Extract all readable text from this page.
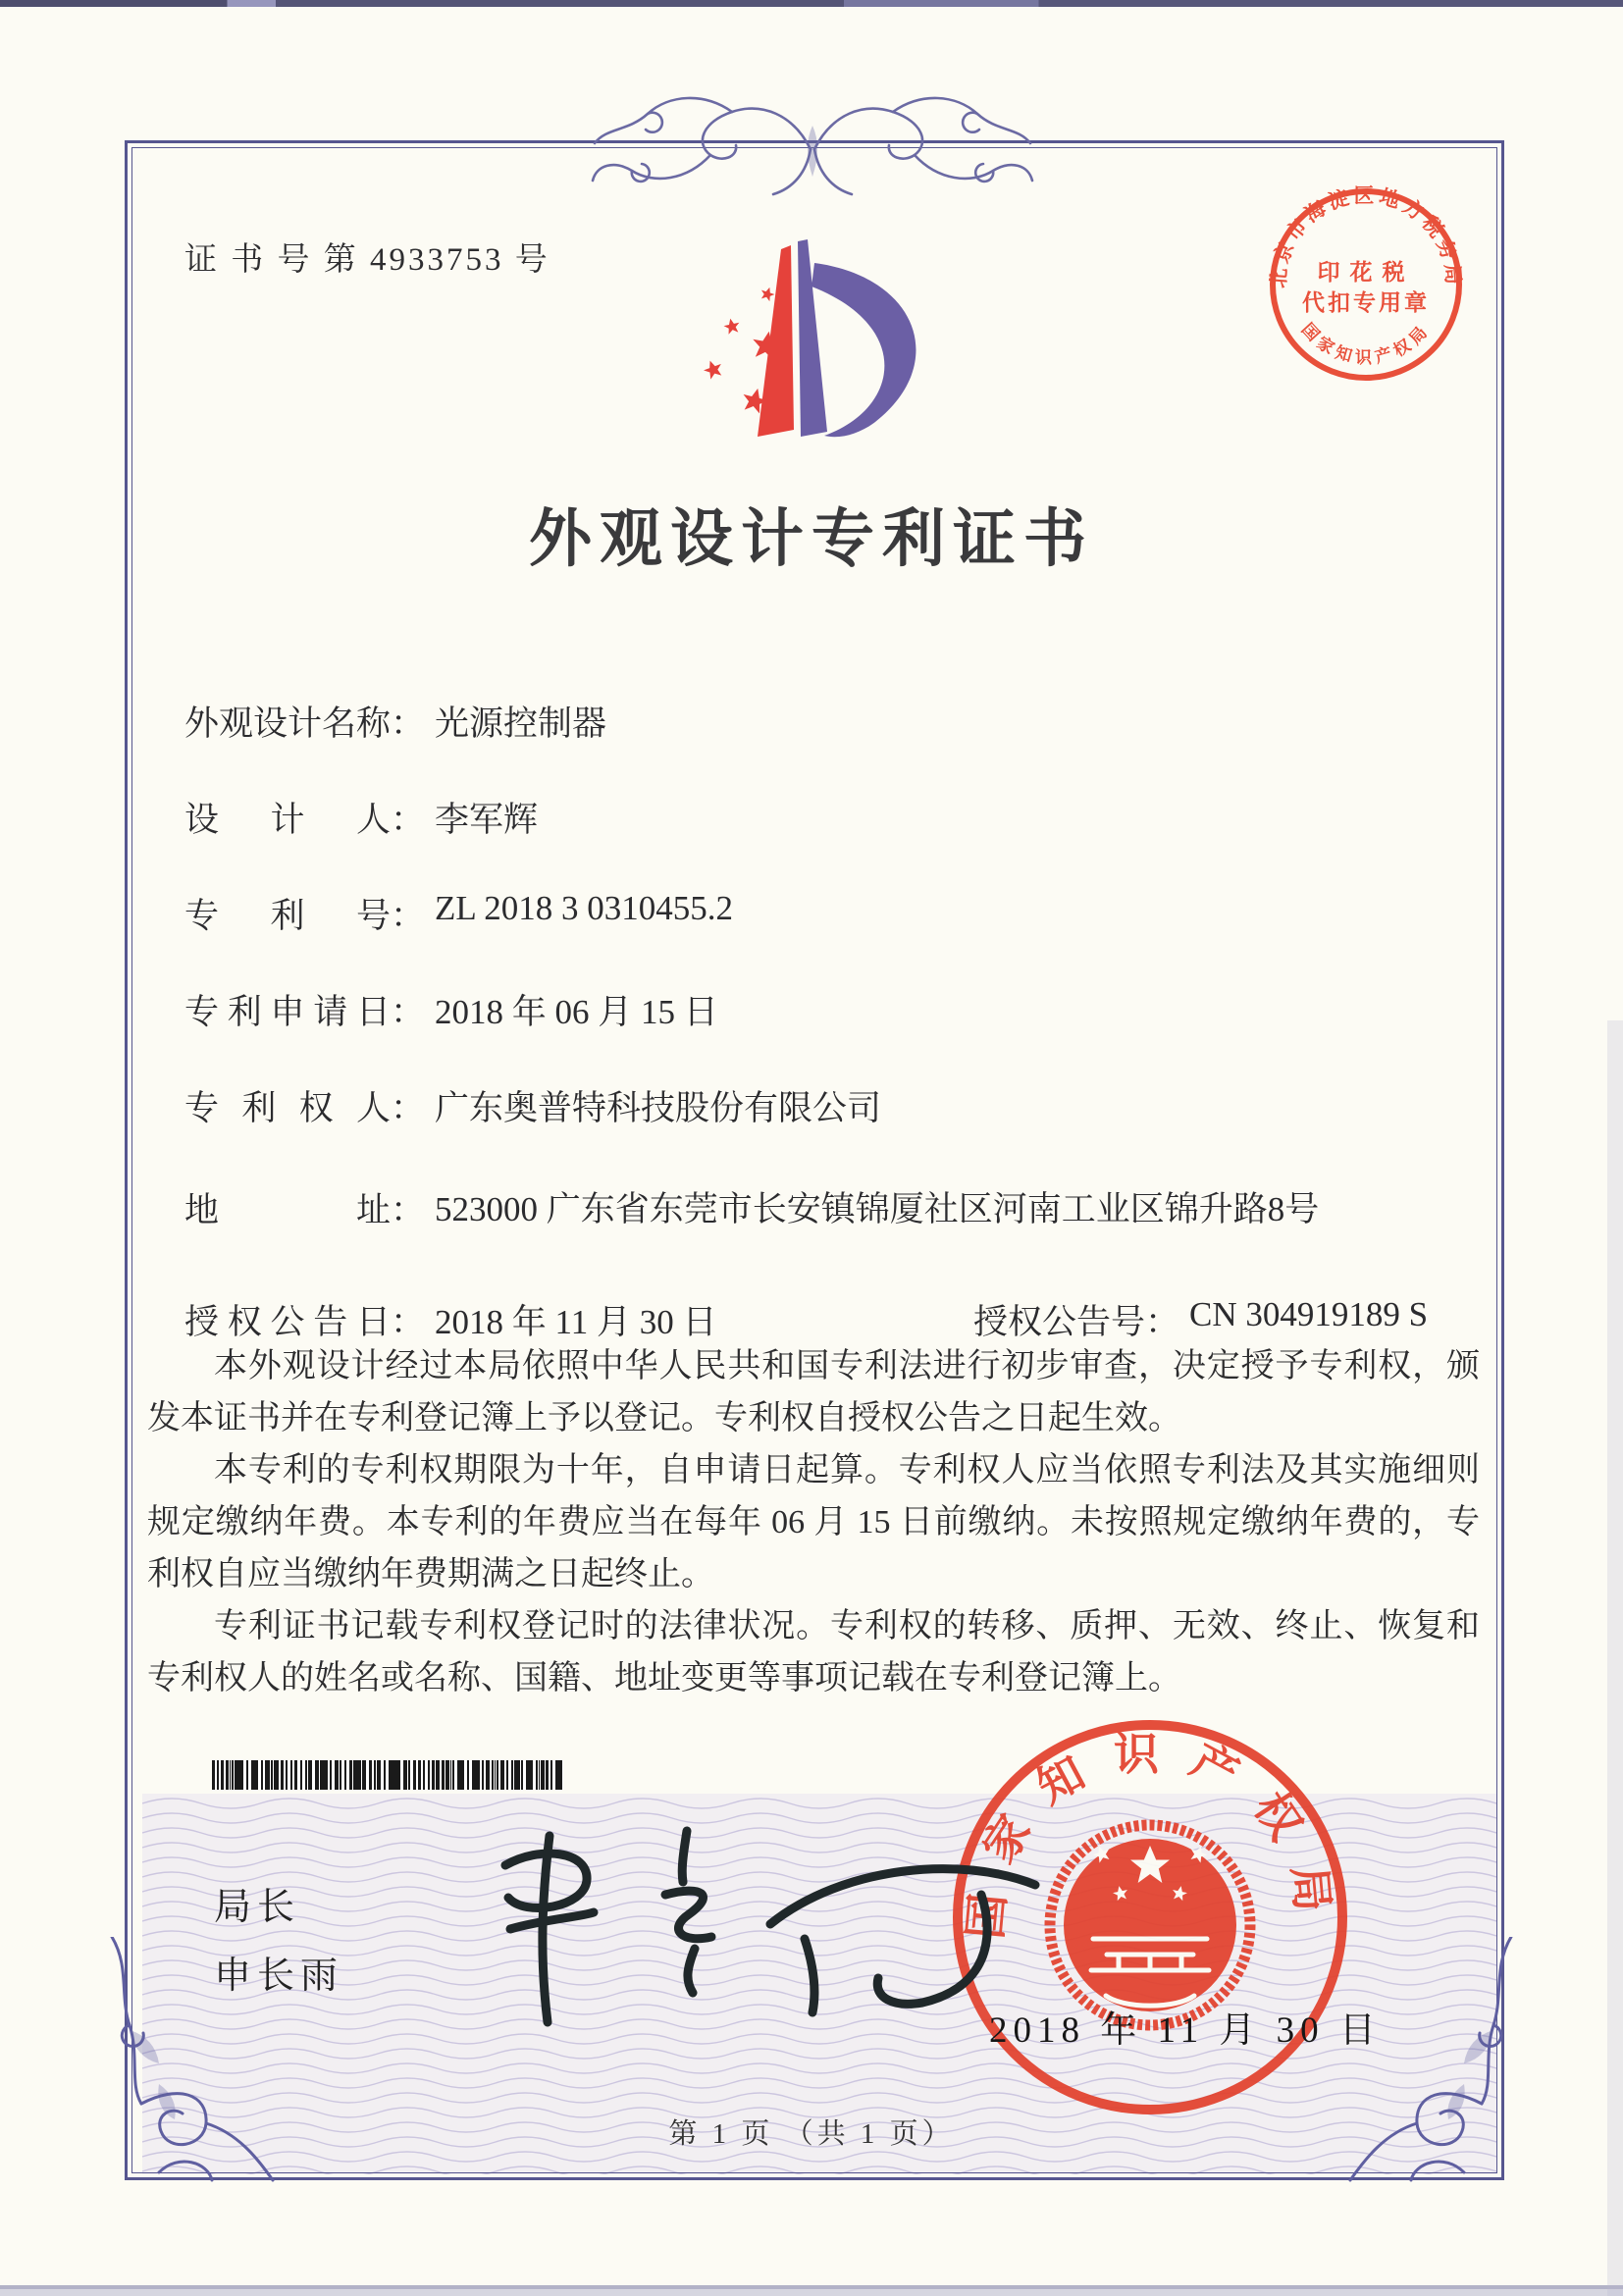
证 书 号 第 4933753 号	北京市海淀区地方税务局
国家知识产权局
印花税
代扣专用章
外观设计专利证书
外观设计名称： 光源控制器
设计人： 李军辉
专利号： ZL 2018 3 0310455.2
专利申请日： 2018 年 06 月 15 日
专利权人： 广东奥普特科技股份有限公司
地址： 523000 广东省东莞市长安镇锦厦社区河南工业区锦升路8号
授权公告日： 2018 年 11 月 30 日	授权公告号： CN 304919189 S

本外观设计经过本局依照中华人民共和国专利法进行初步审查，决定授予专利权，颁发本证书并在专利登记簿上予以登记。专利权自授权公告之日起生效。

本专利的专利权期限为十年，自申请日起算。专利权人应当依照专利法及其实施细则规定缴纳年费。本专利的年费应当在每年 06 月 15 日前缴纳。未按照规定缴纳年费的，专利权自应当缴纳年费期满之日起终止。

专利证书记载专利权登记时的法律状况。专利权的转移、质押、无效、终止、恢复和专利权人的姓名或名称、国籍、地址变更等事项记载在专利登记簿上。

局长
申长雨
国家知识产权局
2018 年 11 月 30 日
第 1 页 （共 1 页）
